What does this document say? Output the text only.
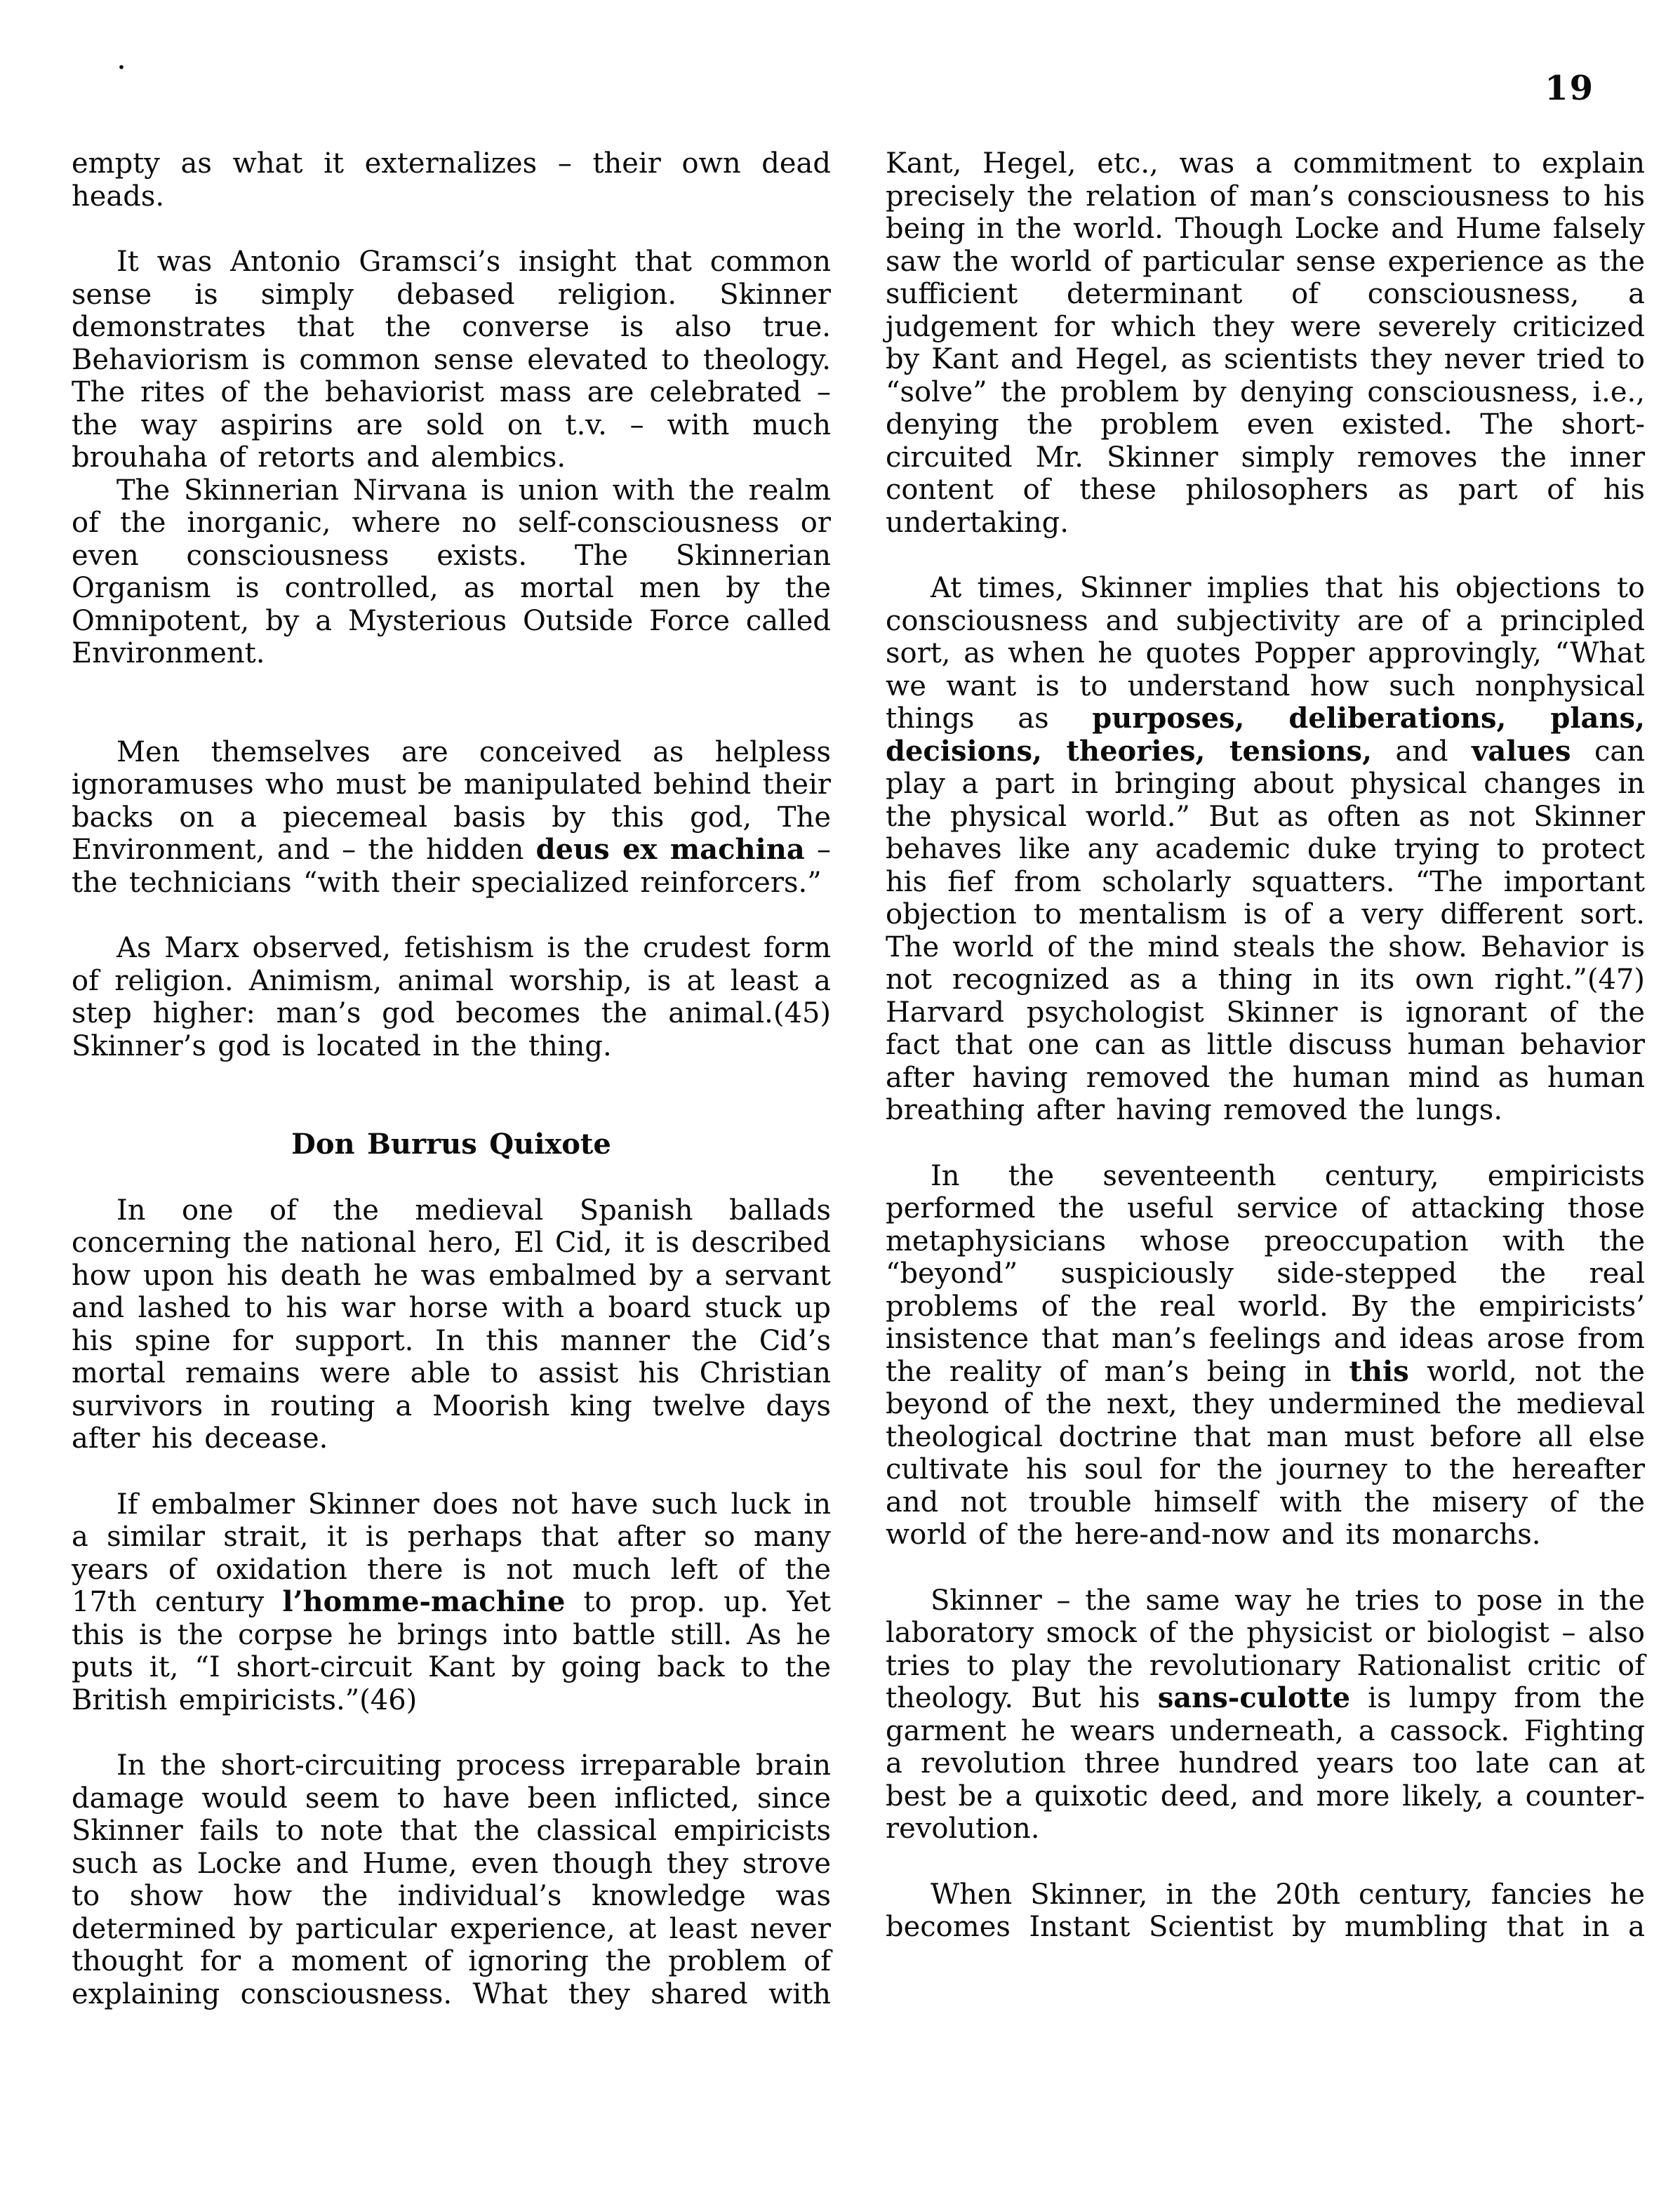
.
19

empty as what it externalizes – their own dead heads.

It was Antonio Gramsci’s insight that common sense is simply debased religion. Skinner demonstrates that the converse is also true. Behaviorism is common sense elevated to theology. The rites of the behaviorist mass are celebrated – the way aspirins are sold on t.v. – with much brouhaha of retorts and alembics.

The Skinnerian Nirvana is union with the realm of the inorganic, where no self-consciousness or even consciousness exists. The Skinnerian Organism is controlled, as mortal men by the Omnipotent, by a Mysterious Outside Force called Environment.

Men themselves are conceived as helpless ignoramuses who must be manipulated behind their backs on a piecemeal basis by this god, The Environment, and – the hidden deus ex machina – the technicians “with their specialized reinforcers.”

As Marx observed, fetishism is the crudest form of religion. Animism, animal worship, is at least a step higher: man’s god becomes the animal.(45) Skinner’s god is located in the thing.

Don Burrus Quixote

In one of the medieval Spanish ballads concerning the national hero, El Cid, it is described how upon his death he was embalmed by a servant and lashed to his war horse with a board stuck up his spine for support. In this manner the Cid’s mortal remains were able to assist his Christian survivors in routing a Moorish king twelve days after his decease.

If embalmer Skinner does not have such luck in a similar strait, it is perhaps that after so many years of oxidation there is not much left of the 17th century l’homme-machine to prop. up. Yet this is the corpse he brings into battle still. As he puts it, “I short-circuit Kant by going back to the British empiricists.”(46)

In the short-circuiting process irreparable brain damage would seem to have been inflicted, since Skinner fails to note that the classical empiricists such as Locke and Hume, even though they strove to show how the individual’s knowledge was determined by particular experience, at least never thought for a moment of ignoring the problem of explaining consciousness. What they shared with

Kant, Hegel, etc., was a commitment to explain precisely the relation of man’s consciousness to his being in the world. Though Locke and Hume falsely saw the world of particular sense experience as the sufficient determinant of consciousness, a judgement for which they were severely criticized by Kant and Hegel, as scientists they never tried to “solve” the problem by denying consciousness, i.e., denying the problem even existed. The short-circuited Mr. Skinner simply removes the inner content of these philosophers as part of his undertaking.

At times, Skinner implies that his objections to consciousness and subjectivity are of a principled sort, as when he quotes Popper approvingly, “What we want is to understand how such nonphysical things as purposes, deliberations, plans, decisions, theories, tensions, and values can play a part in bringing about physical changes in the physical world.” But as often as not Skinner behaves like any academic duke trying to protect his fief from scholarly squatters. “The important objection to mentalism is of a very different sort. The world of the mind steals the show. Behavior is not recognized as a thing in its own right.”(47) Harvard psychologist Skinner is ignorant of the fact that one can as little discuss human behavior after having removed the human mind as human breathing after having removed the lungs.

In the seventeenth century, empiricists performed the useful service of attacking those metaphysicians whose preoccupation with the “beyond” suspiciously side-stepped the real problems of the real world. By the empiricists’ insistence that man’s feelings and ideas arose from the reality of man’s being in this world, not the beyond of the next, they undermined the medieval theological doctrine that man must before all else cultivate his soul for the journey to the hereafter and not trouble himself with the misery of the world of the here-and-now and its monarchs.

Skinner – the same way he tries to pose in the laboratory smock of the physicist or biologist – also tries to play the revolutionary Rationalist critic of theology. But his sans-culotte is lumpy from the garment he wears underneath, a cassock. Fighting a revolution three hundred years too late can at best be a quixotic deed, and more likely, a counter-revolution.

When Skinner, in the 20th century, fancies he becomes Instant Scientist by mumbling that in a
